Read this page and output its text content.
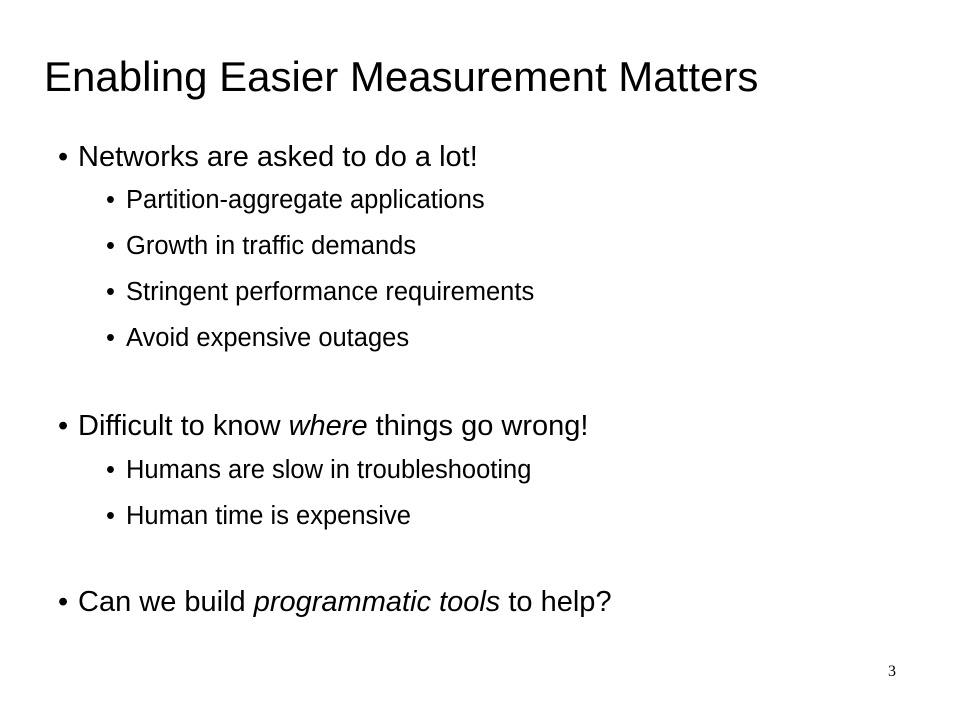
Enabling Easier Measurement Matters
• Networks are asked to do a lot!
• Partition-aggregate applications
• Growth in traffic demands
• Stringent performance requirements
• Avoid expensive outages
• Difficult to know where things go wrong!
• Humans are slow in troubleshooting
• Human time is expensive
• Can we build programmatic tools to help?
3
